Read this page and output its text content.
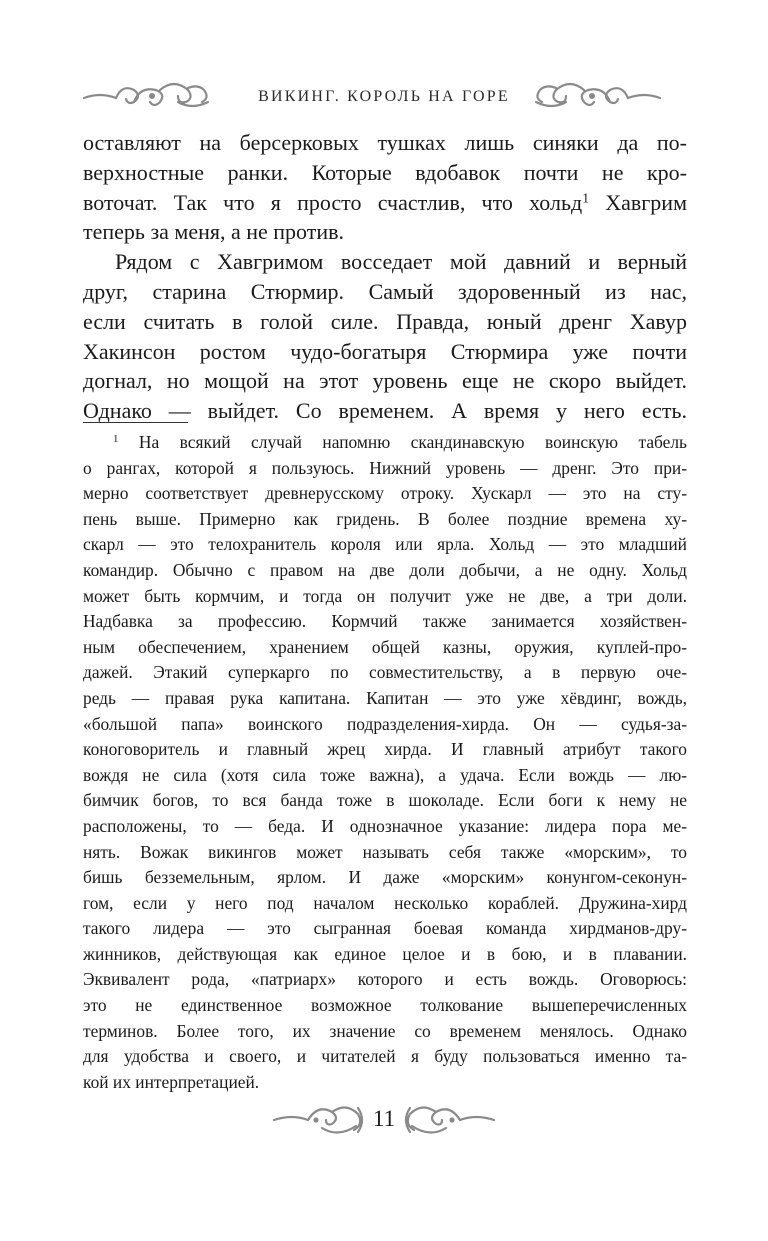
ВИКИНГ. КОРОЛЬ НА ГОРЕ
оставляют на берсерковых тушках лишь синяки да по-
верхностные ранки. Которые вдобавок почти не кро-
воточат. Так что я просто счастлив, что хольд$^1$ Хавгрим
теперь за меня, а не против.
Рядом с Хавгримом восседает мой давний и верный
друг, старина Стюрмир. Самый здоровенный из нас,
если считать в голой силе. Правда, юный дренг Хавур
Хакинсон ростом чудо-богатыря Стюрмира уже почти
догнал, но мощой на этот уровень еще не скоро выйдет.
Однако — выйдет. Со временем. А время у него есть.
$^1$ На всякий случай напомню скандинавскую воинскую табель
о рангах, которой я пользуюсь. Нижний уровень — дренг. Это при-
мерно соответствует древнерусскому отроку. Хускарл — это на сту-
пень выше. Примерно как гридень. В более поздние времена ху-
скарл — это телохранитель короля или ярла. Хольд — это младший
командир. Обычно с правом на две доли добычи, а не одну. Хольд
может быть кормчим, и тогда он получит уже не две, а три доли.
Надбавка за профессию. Кормчий также занимается хозяйствен-
ным обеспечением, хранением общей казны, оружия, куплей-про-
дажей. Этакий суперкарго по совместительству, а в первую оче-
редь — правая рука капитана. Капитан — это уже хёвдинг, вождь,
«большой папа» воинского подразделения-хирда. Он — судья-за-
коноговоритель и главный жрец хирда. И главный атрибут такого
вождя не сила (хотя сила тоже важна), а удача. Если вождь — лю-
бимчик богов, то вся банда тоже в шоколаде. Если боги к нему не
расположены, то — беда. И однозначное указание: лидера пора ме-
нять. Вожак викингов может называть себя также «морским», то
бишь безземельным, ярлом. И даже «морским» конунгом-секонун-
гом, если у него под началом несколько кораблей. Дружина-хирд
такого лидера — это сыгранная боевая команда хирдманов-дру-
жинников, действующая как единое целое и в бою, и в плавании.
Эквивалент рода, «патриарх» которого и есть вождь. Оговорюсь:
это не единственное возможное толкование вышеперечисленных
терминов. Более того, их значение со временем менялось. Однако
для удобства и своего, и читателей я буду пользоваться именно та-
кой их интерпретацией.
11
